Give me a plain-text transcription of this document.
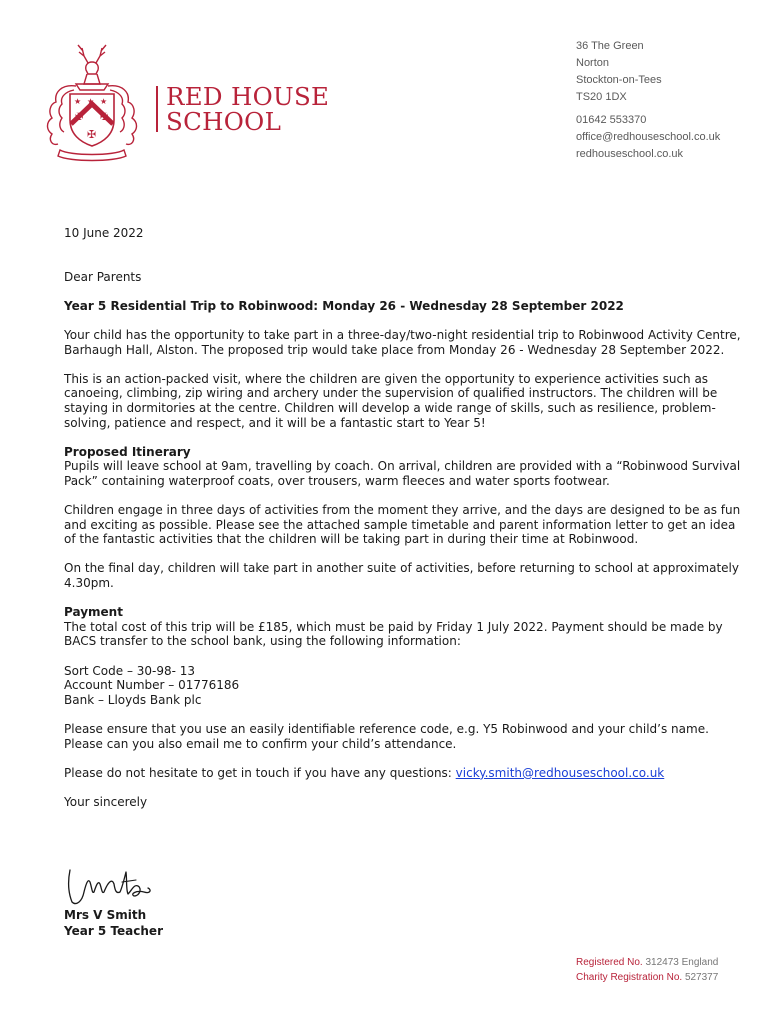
★ ★ ★
✠ ✠
✠
RED HOUSE
SCHOOL
36 The Green
Norton
Stockton-on-Tees
TS20 1DX
01642 553370
office@redhouseschool.co.uk
redhouseschool.co.uk

10 June 2022

Dear Parents

Year 5 Residential Trip to Robinwood: Monday 26 - Wednesday 28 September 2022

Your child has the opportunity to take part in a three-day/two-night residential trip to Robinwood Activity Centre, Barhaugh Hall, Alston. The proposed trip would take place from Monday 26 - Wednesday 28 September 2022.

This is an action-packed visit, where the children are given the opportunity to experience activities such as canoeing, climbing, zip wiring and archery under the supervision of qualified instructors. The children will be staying in dormitories at the centre. Children will develop a wide range of skills, such as resilience, problem-solving, patience and respect, and it will be a fantastic start to Year 5!

Proposed Itinerary

Pupils will leave school at 9am, travelling by coach. On arrival, children are provided with a “Robinwood Survival Pack” containing waterproof coats, over trousers, warm fleeces and water sports footwear.

Children engage in three days of activities from the moment they arrive, and the days are designed to be as fun and exciting as possible. Please see the attached sample timetable and parent information letter to get an idea of the fantastic activities that the children will be taking part in during their time at Robinwood.

On the final day, children will take part in another suite of activities, before returning to school at approximately 4.30pm.

Payment

The total cost of this trip will be £185, which must be paid by Friday 1 July 2022. Payment should be made by BACS transfer to the school bank, using the following information:

Sort Code – 30-98- 13

Account Number – 01776186

Bank – Lloyds Bank plc

Please ensure that you use an easily identifiable reference code, e.g. Y5 Robinwood and your child’s name. Please can you also email me to confirm your child’s attendance.

Please do not hesitate to get in touch if you have any questions: vicky.smith@redhouseschool.co.uk

Your sincerely

Mrs V Smith
Year 5 Teacher
Registered No. 312473 England
Charity Registration No. 527377
